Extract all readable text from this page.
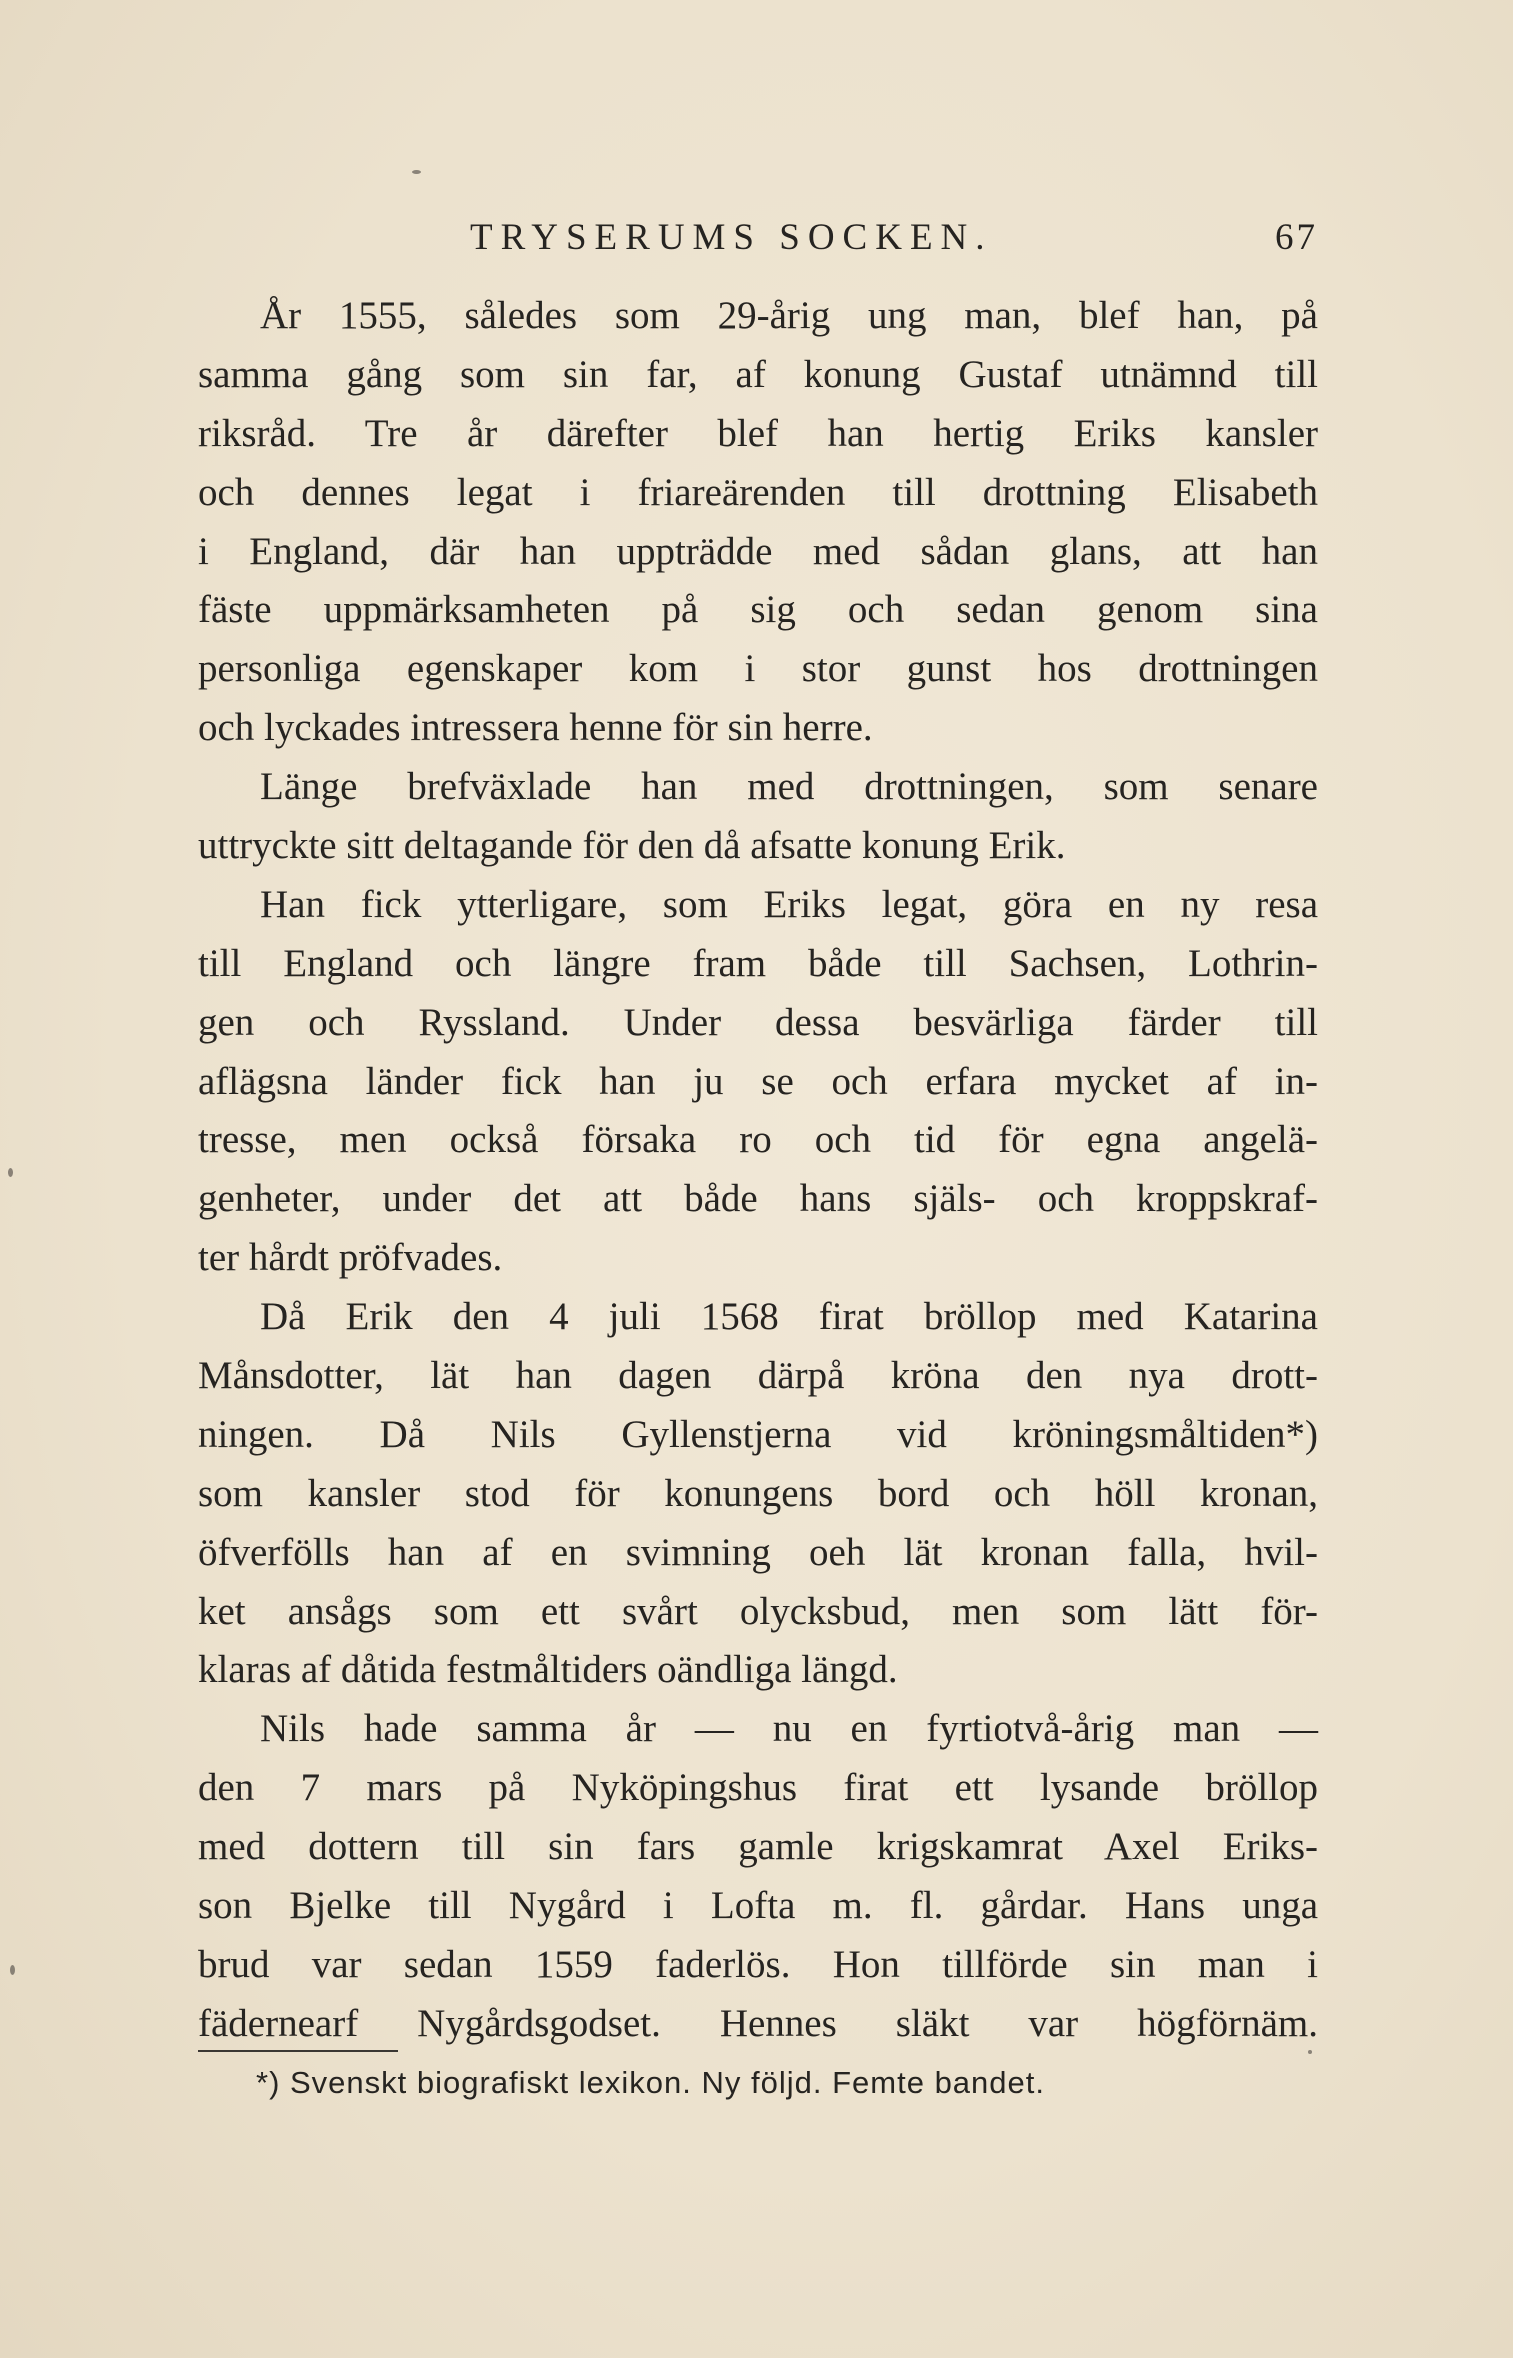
TRYSERUMS SOCKEN.	67
År 1555, således som 29-årig ung man, blef han, på
samma gång som sin far, af konung Gustaf utnämnd till
riksråd. Tre år därefter blef han hertig Eriks kansler
och dennes legat i friareärenden till drottning Elisabeth
i England, där han uppträdde med sådan glans, att han
fäste uppmärksamheten på sig och sedan genom sina
personliga egenskaper kom i stor gunst hos drottningen
och lyckades intressera henne för sin herre.
Länge brefväxlade han med drottningen, som senare
uttryckte sitt deltagande för den då afsatte konung Erik.
Han fick ytterligare, som Eriks legat, göra en ny resa
till England och längre fram både till Sachsen, Lothrin-
gen och Ryssland. Under dessa besvärliga färder till
aflägsna länder fick han ju se och erfara mycket af in-
tresse, men också försaka ro och tid för egna angelä-
genheter, under det att både hans själs- och kroppskraf-
ter hårdt pröfvades.
Då Erik den 4 juli 1568 firat bröllop med Katarina
Månsdotter, lät han dagen därpå kröna den nya drott-
ningen. Då Nils Gyllenstjerna vid kröningsmåltiden*)
som kansler stod för konungens bord och höll kronan,
öfverfölls han af en svimning oeh lät kronan falla, hvil-
ket ansågs som ett svårt olycksbud, men som lätt för-
klaras af dåtida festmåltiders oändliga längd.
Nils hade samma år — nu en fyrtiotvå-årig man —
den 7 mars på Nyköpingshus firat ett lysande bröllop
med dottern till sin fars gamle krigskamrat Axel Eriks-
son Bjelke till Nygård i Lofta m. fl. gårdar. Hans unga
brud var sedan 1559 faderlös. Hon tillförde sin man i
fädernearf Nygårdsgodset. Hennes släkt var högförnäm.
*) Svenskt biografiskt lexikon. Ny följd. Femte bandet.
